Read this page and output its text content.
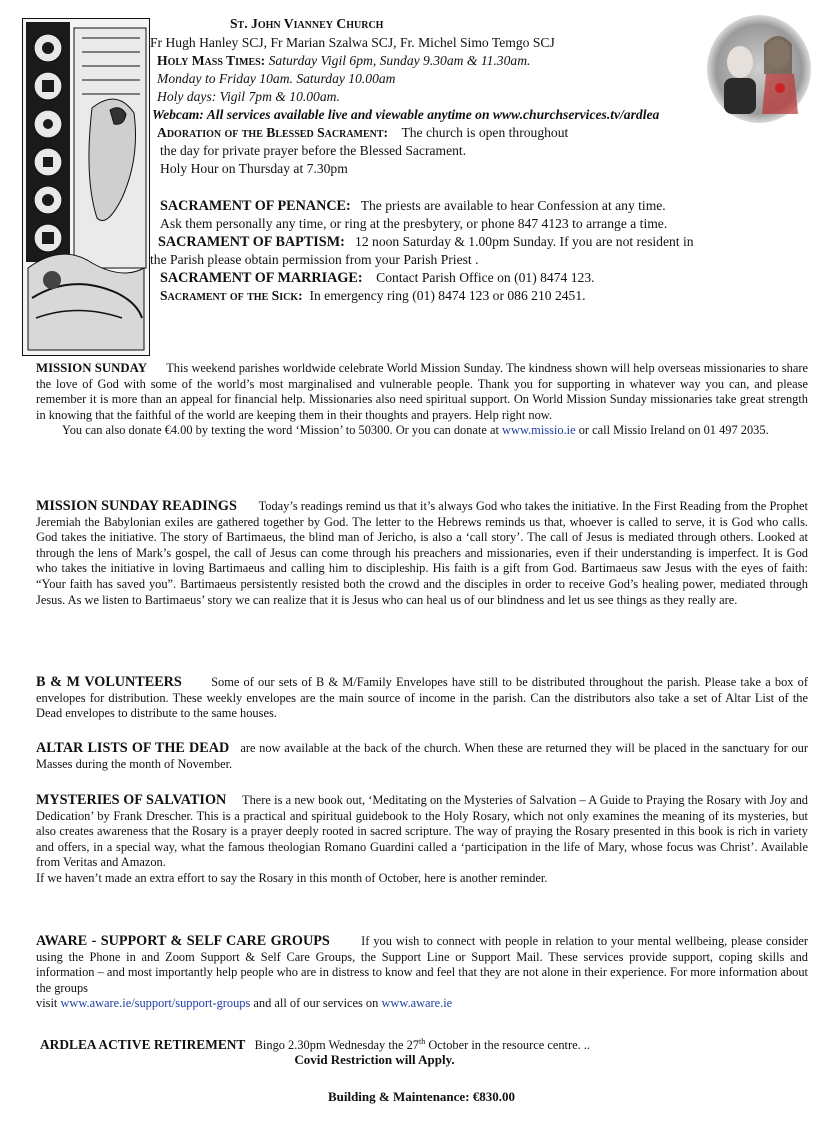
St. John Vianney Church
Fr Hugh Hanley SCJ, Fr Marian Szalwa SCJ, Fr. Michel Simo Temgo SCJ
Holy Mass Times: Saturday Vigil 6pm, Sunday 9.30am & 11.30am.
Monday to Friday 10am. Saturday 10.00am
Holy days: Vigil 7pm & 10.00am.
Webcam: All services available live and viewable anytime on www.churchservices.tv/ardlea
Adoration of the Blessed Sacrament: The church is open throughout
the day for private prayer before the Blessed Sacrament.
Holy Hour on Thursday at 7.30pm
SACRAMENT OF PENANCE: The priests are available to hear Confession at any time.
Ask them personally any time, or ring at the presbytery, or phone 847 4123 to arrange a time.
SACRAMENT OF BAPTISM: 12 noon Saturday & 1.00pm Sunday. If you are not resident in
the Parish please obtain permission from your Parish Priest .
SACRAMENT OF MARRIAGE: Contact Parish Office on (01) 8474 123.
Sacrament of the Sick: In emergency ring (01) 8474 123 or 086 210 2451.
MISSION SUNDAY This weekend parishes worldwide celebrate World Mission Sunday. The kindness shown will help overseas missionaries to share the love of God with some of the world’s most marginalised and vulnerable people. Thank you for supporting in whatever way you can, and please remember it is more than an appeal for financial help. Missionaries also need spiritual support. On World Mission Sunday missionaries take great strength in knowing that the faithful of the world are keeping them in their thoughts and prayers. Help right now.
You can also donate €4.00 by texting the word ‘Mission’ to 50300. Or you can donate at www.missio.ie or call Missio Ireland on 01 497 2035.
MISSION SUNDAY READINGS Today’s readings remind us that it’s always God who takes the initiative. In the First Reading from the Prophet Jeremiah the Babylonian exiles are gathered together by God. The letter to the Hebrews reminds us that, whoever is called to serve, it is God who calls. God takes the initiative. The story of Bartimaeus, the blind man of Jericho, is also a ‘call story’. The call of Jesus is mediated through others. Looked at through the lens of Mark’s gospel, the call of Jesus can come through his preachers and missionaries, even if their understanding is imperfect. It is God who takes the initiative in loving Bartimaeus and calling him to discipleship. His faith is a gift from God. Bartimaeus saw Jesus with the eyes of faith: “Your faith has saved you”. Bartimaeus persistently resisted both the crowd and the disciples in order to receive God’s healing power, mediated through Jesus. As we listen to Bartimaeus’ story we can realize that it is Jesus who can heal us of our blindness and let us see things as they really are.
B & M VOLUNTEERS Some of our sets of B & M/Family Envelopes have still to be distributed throughout the parish. Please take a box of envelopes for distribution. These weekly envelopes are the main source of income in the parish. Can the distributors also take a set of Altar List of the Dead envelopes to distribute to the same houses.
ALTAR LISTS OF THE DEAD are now available at the back of the church. When these are returned they will be placed in the sanctuary for our Masses during the month of November.
MYSTERIES OF SALVATION There is a new book out, ‘Meditating on the Mysteries of Salvation – A Guide to Praying the Rosary with Joy and Dedication’ by Frank Drescher. This is a practical and spiritual guidebook to the Holy Rosary, which not only examines the meaning of its mysteries, but also creates awareness that the Rosary is a prayer deeply rooted in sacred scripture. The way of praying the Rosary presented in this book is rich in variety and offers, in a special way, what the famous theologian Romano Guardini called a ‘participation in the life of Mary, whose focus was Christ’. Available from Veritas and Amazon.
If we haven’t made an extra effort to say the Rosary in this month of October, here is another reminder.
AWARE - SUPPORT & SELF CARE GROUPS	If you wish to connect with people in relation to your mental wellbeing, please consider using the Phone in and Zoom Support & Self Care Groups, the Support Line or Support Mail. These services provide support, coping skills and information – and most importantly help people who are in distress to know and feel that they are not alone in their experience. For more information about the groups
visit www.aware.ie/support/support-groups and all of our services on www.aware.ie
ARDLEA ACTIVE RETIREMENT Bingo 2.30pm Wednesday the 27th October in the resource centre. ..
Covid Restriction will Apply.
Building & Maintenance: €830.00
